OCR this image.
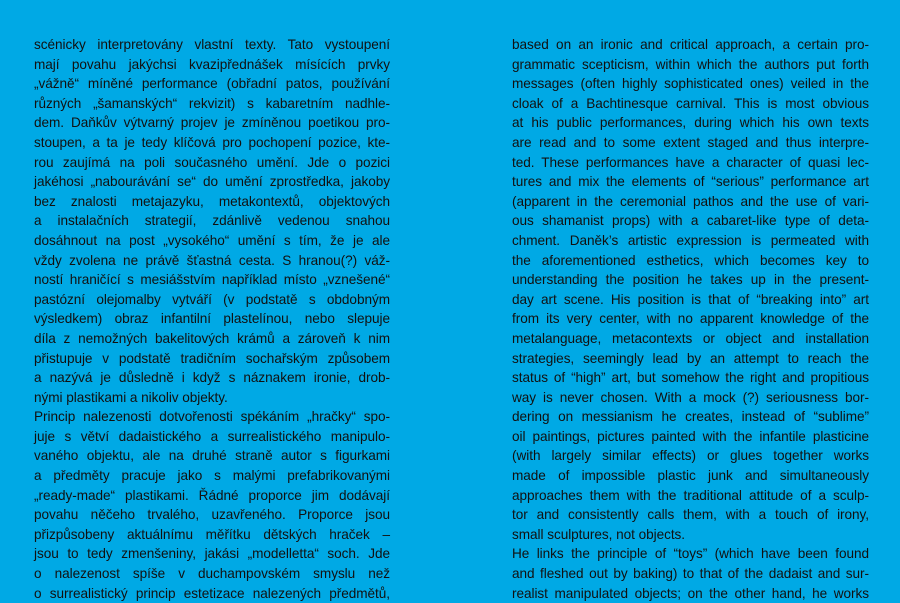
scénicky interpretovány vlastní texty. Tato vystoupení
mají povahu jakýchsi kvazipřednášek mísících prvky
„vážně“ míněné performance (obřadní patos, používání
různých „šamanských“ rekvizit) s kabaretním nadhle-
dem. Daňkův výtvarný projev je zmíněnou poetikou pro-
stoupen, a ta je tedy klíčová pro pochopení pozice, kte-
rou zaujímá na poli současného umění. Jde o pozici
jakéhosi „nabourávání se“ do umění zprostředka, jakoby
bez znalosti metajazyku, metakontextů, objektových
a instalačních strategií, zdánlivě vedenou snahou
dosáhnout na post „vysokého“ umění s tím, že je ale
vždy zvolena ne právě šťastná cesta. S hranou(?) váž-
ností hraničící s mesiášstvím například místo „vznešené“
pastózní olejomalby vytváří (v podstatě s obdobným
výsledkem) obraz infantilní plastelínou, nebo slepuje
díla z nemožných bakelitových krámů a zároveň k nim
přistupuje v podstatě tradičním sochařským způsobem
a nazývá je důsledně i když s náznakem ironie, drob-
nými plastikami a nikoliv objekty.
Princip nalezenosti dotvořenosti spékáním „hračky“ spo-
juje s větví dadaistického a surrealistického manipulo-
vaného objektu, ale na druhé straně autor s figurkami
a předměty pracuje jako s malými prefabrikovanými
„ready-made“ plastikami. Řádné proporce jim dodávají
povahu něčeho trvalého, uzavřeného. Proporce jsou
přizpůsobeny aktuálnímu měřítku dětských hraček –
jsou to tedy zmenšeniny, jakási „modelletta“ soch. Jde
o nalezenost spíše v duchampovském smyslu než
o surrealistický princip estetizace nalezených předmětů,
based on an ironic and critical approach, a certain pro-
grammatic scepticism, within which the authors put forth
messages (often highly sophisticated ones) veiled in the
cloak of a Bachtinesque carnival. This is most obvious
at his public performances, during which his own texts
are read and to some extent staged and thus interpre-
ted. These performances have a character of quasi lec-
tures and mix the elements of “serious” performance art
(apparent in the ceremonial pathos and the use of vari-
ous shamanist props) with a cabaret-like type of deta-
chment. Daněk’s artistic expression is permeated with
the aforementioned esthetics, which becomes key to
understanding the position he takes up in the present-
day art scene. His position is that of “breaking into” art
from its very center, with no apparent knowledge of the
metalanguage, metacontexts or object and installation
strategies, seemingly lead by an attempt to reach the
status of “high” art, but somehow the right and propitious
way is never chosen. With a mock (?) seriousness bor-
dering on messianism he creates, instead of “sublime”
oil paintings, pictures painted with the infantile plasticine
(with largely similar effects) or glues together works
made of impossible plastic junk and simultaneously
approaches them with the traditional attitude of a sculp-
tor and consistently calls them, with a touch of irony,
small sculptures, not objects.
He links the principle of “toys” (which have been found
and fleshed out by baking) to that of the dadaist and sur-
realist manipulated objects; on the other hand, he works
